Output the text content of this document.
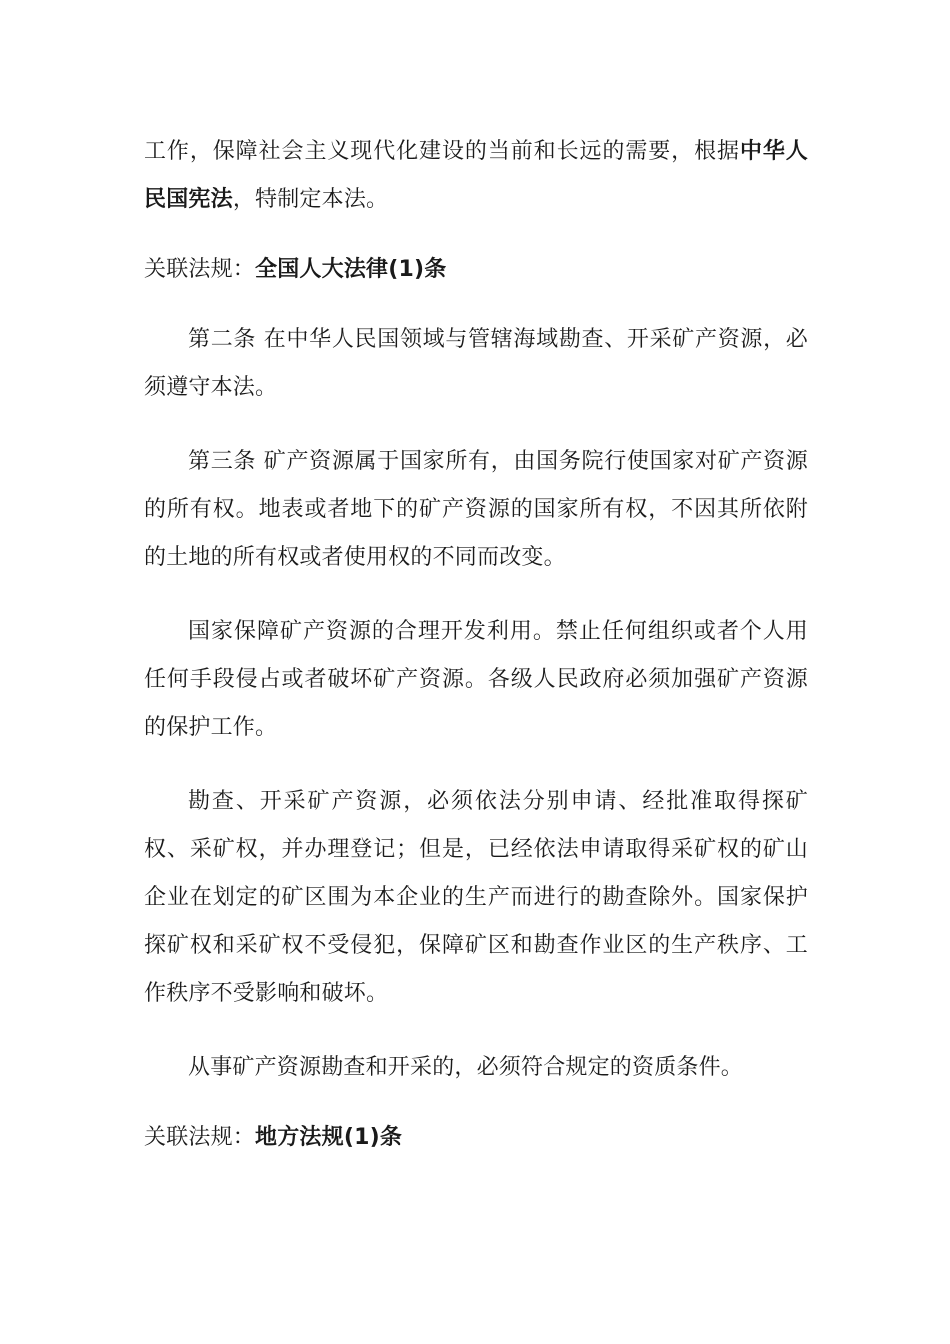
工作，保障社会主义现代化建设的当前和长远的需要，根据中华人民国宪法，特制定本法。

关联法规：全国人大法律(1)条

第二条 在中华人民国领域与管辖海域勘查、开采矿产资源，必须遵守本法。

第三条 矿产资源属于国家所有，由国务院行使国家对矿产资源的所有权。地表或者地下的矿产资源的国家所有权，不因其所依附的土地的所有权或者使用权的不同而改变。

国家保障矿产资源的合理开发利用。禁止任何组织或者个人用任何手段侵占或者破坏矿产资源。各级人民政府必须加强矿产资源的保护工作。

勘查、开采矿产资源，必须依法分别申请、经批准取得探矿权、采矿权，并办理登记；但是，已经依法申请取得采矿权的矿山企业在划定的矿区围为本企业的生产而进行的勘查除外。国家保护探矿权和采矿权不受侵犯，保障矿区和勘查作业区的生产秩序、工作秩序不受影响和破坏。

从事矿产资源勘查和开采的，必须符合规定的资质条件。

关联法规：地方法规(1)条
